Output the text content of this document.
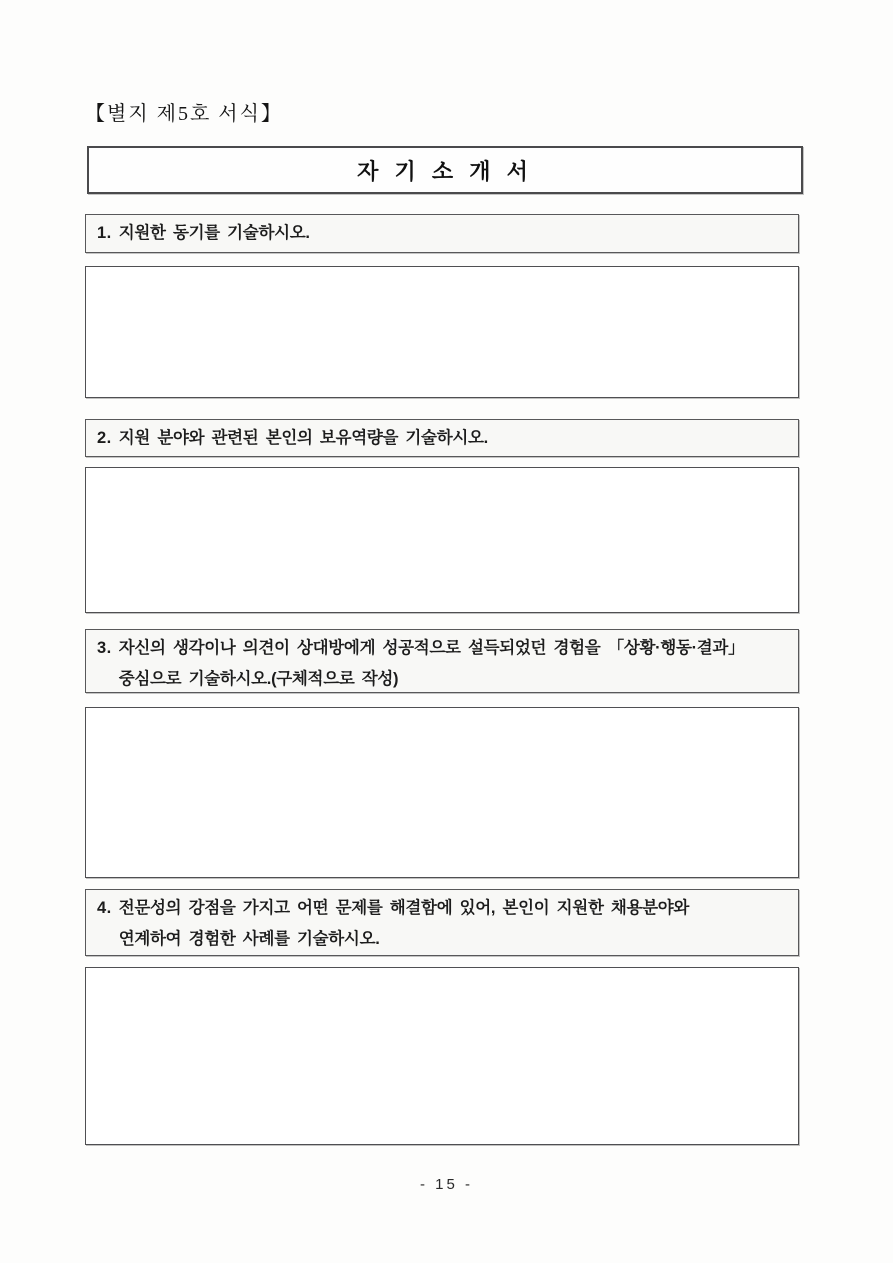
【별지 제5호 서식】
자 기 소 개 서
1. 지원한 동기를 기술하시오.
2. 지원 분야와 관련된 본인의 보유역량을 기술하시오.
3. 자신의 생각이나 의견이 상대방에게 성공적으로 설득되었던 경험을 「상황·행동·결과」
중심으로 기술하시오.(구체적으로 작성)
4. 전문성의 강점을 가지고 어떤 문제를 해결함에 있어, 본인이 지원한 채용분야와
연계하여 경험한 사례를 기술하시오.
- 15 -
